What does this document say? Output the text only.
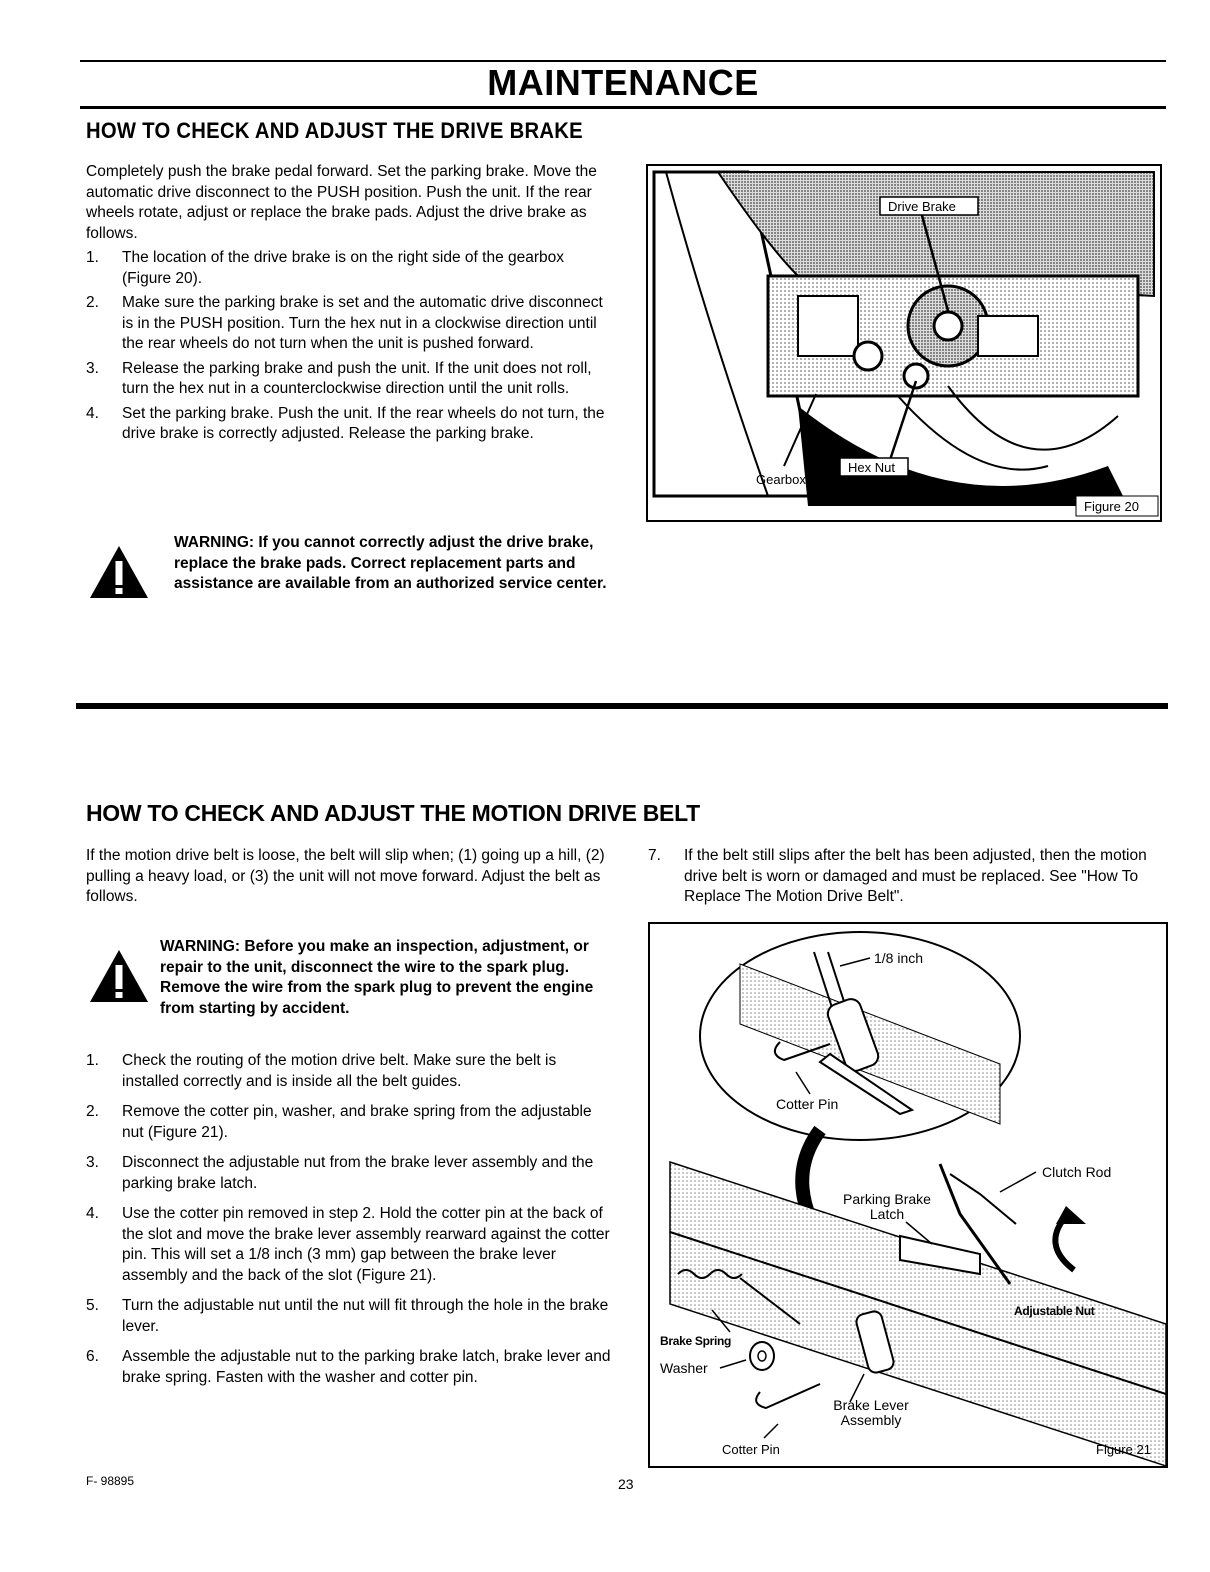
MAINTENANCE
HOW TO CHECK AND ADJUST THE DRIVE BRAKE
Completely push the brake pedal forward. Set the parking brake. Move the automatic drive disconnect to the PUSH position. Push the unit. If the rear wheels rotate, adjust or replace the brake pads. Adjust the drive brake as follows.
1. The location of the drive brake is on the right side of the gearbox (Figure 20).
2. Make sure the parking brake is set and the automatic drive disconnect is in the PUSH position. Turn the hex nut in a clockwise direction until the rear wheels do not turn when the unit is pushed forward.
3. Release the parking brake and push the unit. If the unit does not roll, turn the hex nut in a counterclockwise direction until the unit rolls.
4. Set the parking brake. Push the unit. If the rear wheels do not turn, the drive brake is correctly adjusted. Release the parking brake.
WARNING: If you cannot correctly adjust the drive brake, replace the brake pads. Correct replacement parts and assistance are available from an authorized service center.
Drive Brake
Gearbox
Hex Nut
Figure 20
HOW TO CHECK AND ADJUST THE MOTION DRIVE BELT
If the motion drive belt is loose, the belt will slip when; (1) going up a hill, (2) pulling a heavy load, or (3) the unit will not move forward. Adjust the belt as follows.
WARNING: Before you make an inspection, adjustment, or repair to the unit, disconnect the wire to the spark plug. Remove the wire from the spark plug to prevent the engine from starting by accident.
1. Check the routing of the motion drive belt. Make sure the belt is installed correctly and is inside all the belt guides.
2. Remove the cotter pin, washer, and brake spring from the adjustable nut (Figure 21).
3. Disconnect the adjustable nut from the brake lever assembly and the parking brake latch.
4. Use the cotter pin removed in step 2. Hold the cotter pin at the back of the slot and move the brake lever assembly rearward against the cotter pin. This will set a 1/8 inch (3 mm) gap between the brake lever assembly and the back of the slot (Figure 21).
5. Turn the adjustable nut until the nut will fit through the hole in the brake lever.
6. Assemble the adjustable nut to the parking brake latch, brake lever and brake spring. Fasten with the washer and cotter pin.
7. If the belt still slips after the belt has been adjusted, then the motion drive belt is worn or damaged and must be replaced. See "How To Replace The Motion Drive Belt".
1/8 inch
Cotter Pin
Clutch Rod
Parking Brake Latch
Adjustable Nut
Brake Spring
Washer
Brake Lever Assembly
Cotter Pin	Figure 21
F- 98895	23
